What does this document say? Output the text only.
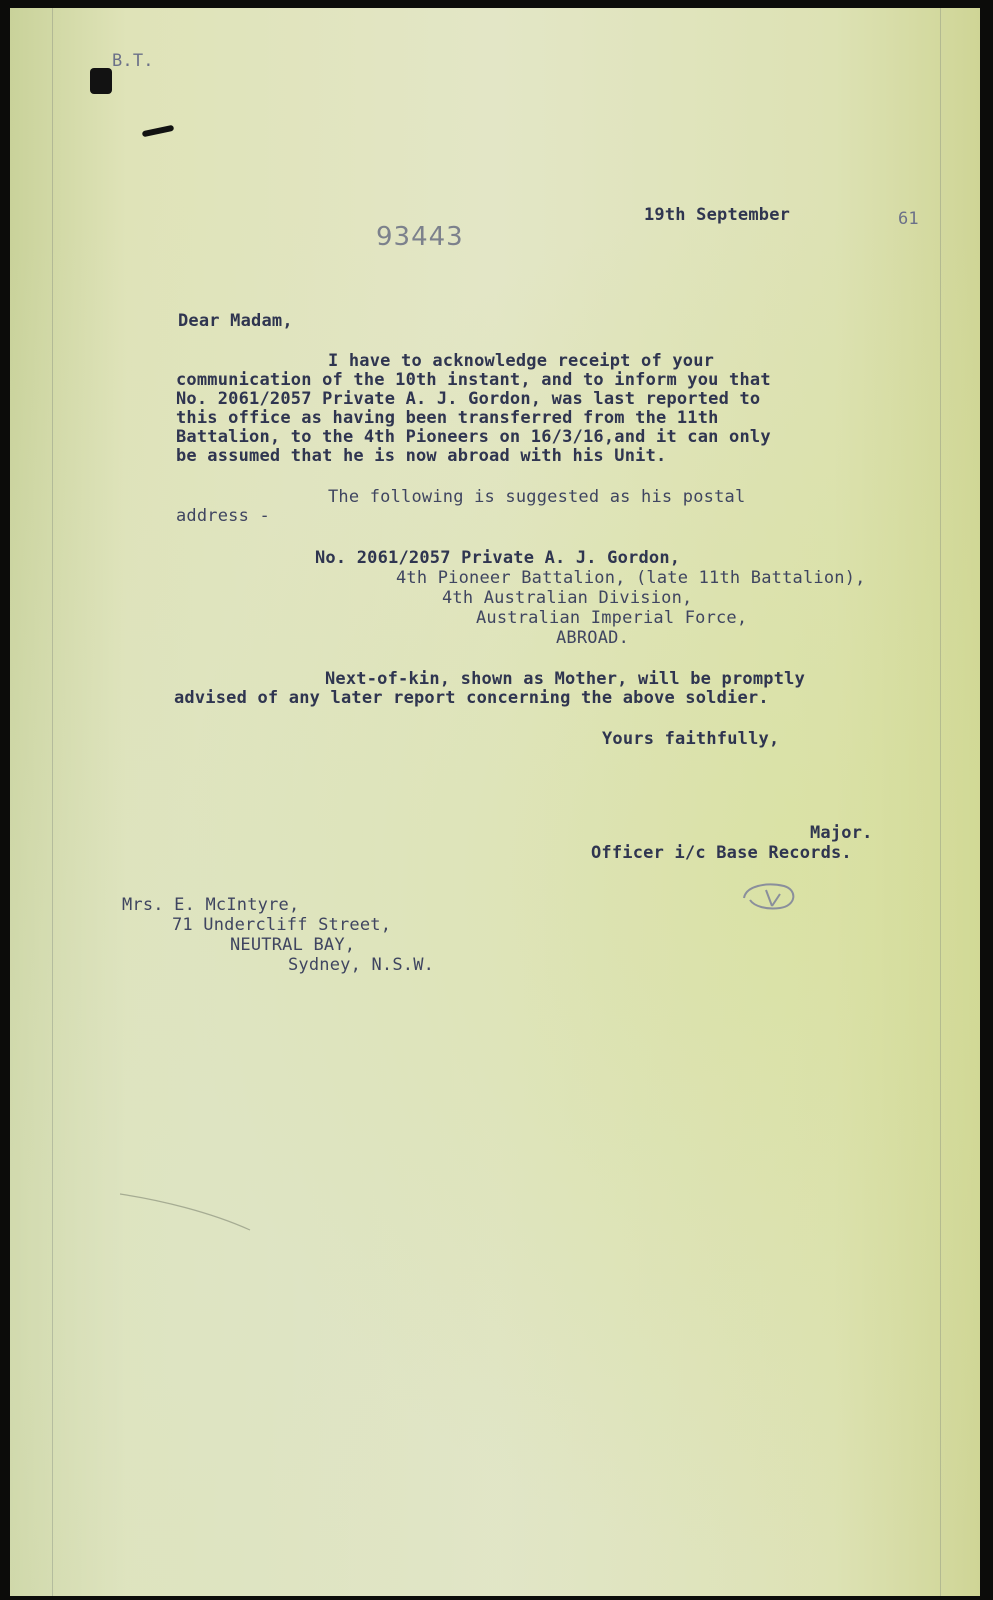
B.T.
19th September	61
93443
Dear Madam,
I have to acknowledge receipt of your
communication of the 10th instant, and to inform you that
No. 2061/2057 Private A. J. Gordon, was last reported to
this office as having been transferred from the 11th
Battalion, to the 4th Pioneers on 16/3/16,and it can only
be assumed that he is now abroad with his Unit.
The following is suggested as his postal
address -
No. 2061/2057 Private A. J. Gordon,
4th Pioneer Battalion, (late 11th Battalion),
4th Australian Division,
Australian Imperial Force,
ABROAD.
Next-of-kin, shown as Mother, will be promptly
advised of any later report concerning the above soldier.
Yours faithfully,
Major.
Officer i/c Base Records.
Mrs. E. McIntyre,
71 Undercliff Street,
NEUTRAL BAY,
Sydney, N.S.W.
